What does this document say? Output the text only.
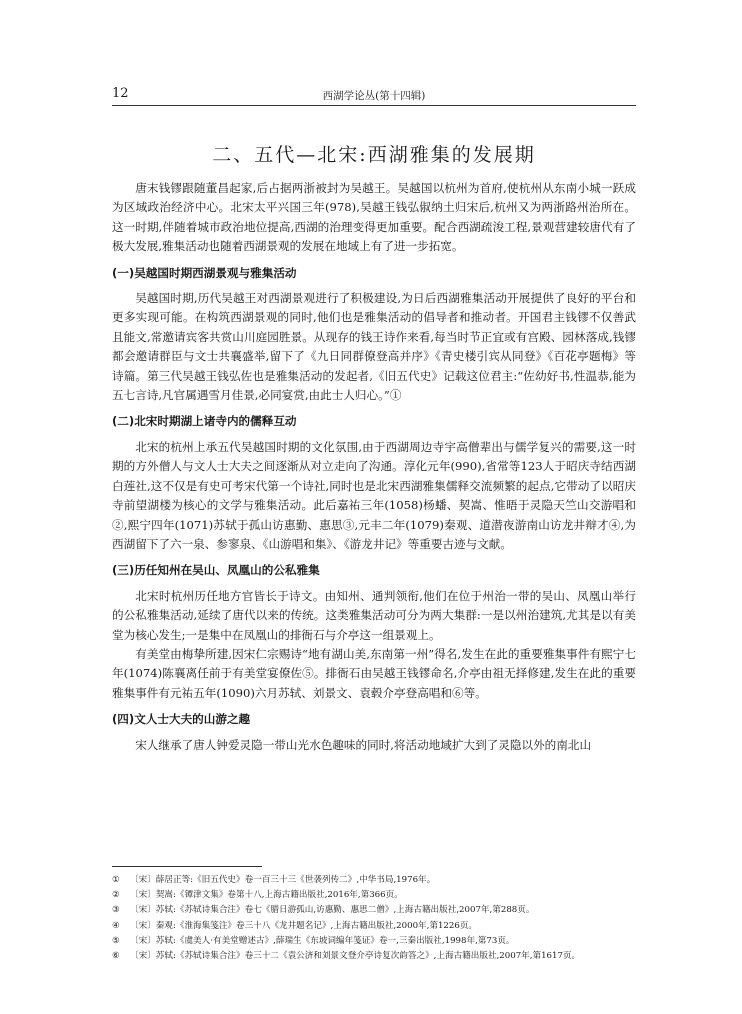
12	西湖学论丛(第十四辑)
二、五代—北宋:西湖雅集的发展期

唐末钱镠跟随董昌起家,后占据两浙被封为吴越王。吴越国以杭州为首府,使杭州从东南小城一跃成为区域政治经济中心。北宋太平兴国三年(978),吴越王钱弘俶纳土归宋后,杭州又为两浙路州治所在。这一时期,伴随着城市政治地位提高,西湖的治理变得更加重要。配合西湖疏浚工程,景观营建较唐代有了极大发展,雅集活动也随着西湖景观的发展在地域上有了进一步拓宽。

(一)吴越国时期西湖景观与雅集活动

吴越国时期,历代吴越王对西湖景观进行了积极建设,为日后西湖雅集活动开展提供了良好的平台和更多实现可能。在构筑西湖景观的同时,他们也是雅集活动的倡导者和推动者。开国君主钱镠不仅善武且能文,常邀请宾客共赏山川庭园胜景。从现存的钱王诗作来看,每当时节正宜或有宫殿、园林落成,钱镠都会邀请群臣与文士共襄盛举,留下了《九日同群僚登高并序》《青史楼引宾从同登》《百花亭题梅》等诗篇。第三代吴越王钱弘佐也是雅集活动的发起者,《旧五代史》记载这位君主:“佐幼好书,性温恭,能为五七言诗,凡官属遇雪月佳景,必同宴赏,由此士人归心。”①

(二)北宋时期湖上诸寺内的儒释互动

北宋的杭州上承五代吴越国时期的文化氛围,由于西湖周边寺宇高僧辈出与儒学复兴的需要,这一时期的方外僧人与文人士大夫之间逐渐从对立走向了沟通。淳化元年(990),省常等123人于昭庆寺结西湖白莲社,这不仅是有史可考宋代第一个诗社,同时也是北宋西湖雅集儒释交流频繁的起点,它带动了以昭庆寺前望湖楼为核心的文学与雅集活动。此后嘉祐三年(1058)杨蟠、契嵩、惟晤于灵隐天竺山交游唱和②,熙宁四年(1071)苏轼于孤山访惠勤、惠思③,元丰二年(1079)秦观、道潜夜游南山访龙井辩才④,为西湖留下了六一泉、参寥泉、《山游唱和集》、《游龙井记》等重要古迹与文献。

(三)历任知州在吴山、凤凰山的公私雅集

北宋时杭州历任地方官皆长于诗文。由知州、通判领衔,他们在位于州治一带的吴山、凤凰山举行的公私雅集活动,延续了唐代以来的传统。这类雅集活动可分为两大集群:一是以州治建筑,尤其是以有美堂为核心发生;一是集中在凤凰山的排衙石与介亭这一组景观上。

有美堂由梅挚所建,因宋仁宗赐诗“地有湖山美,东南第一州”得名,发生在此的重要雅集事件有熙宁七年(1074)陈襄离任前于有美堂宴僚佐⑤。排衙石由吴越王钱镠命名,介亭由祖无择修建,发生在此的重要雅集事件有元祐五年(1090)六月苏轼、刘景文、袁毂介亭登高唱和⑥等。

(四)文人士大夫的山游之趣

宋人继承了唐人钟爱灵隐一带山光水色趣味的同时,将活动地域扩大到了灵隐以外的南北山

① 〔宋〕薛居正等:《旧五代史》卷一百三十三《世袭列传二》,中华书局,1976年。
② 〔宋〕契嵩:《镡津文集》卷第十八,上海古籍出版社,2016年,第366页。
③ 〔宋〕苏轼:《苏轼诗集合注》卷七《腊日游孤山,访惠勤、惠思二僧》,上海古籍出版社,2007年,第288页。
④ 〔宋〕秦观:《淮海集笺注》卷三十八《龙井题名记》,上海古籍出版社,2000年,第1226页。
⑤ 〔宋〕苏轼:《虞美人·有美堂赠述古》,薛瑞生《东坡词编年笺证》卷一,三秦出版社,1998年,第73页。
⑥ 〔宋〕苏轼:《苏轼诗集合注》卷三十二《袁公济和刘景文登介亭诗复次韵答之》,上海古籍出版社,2007年,第1617页。
